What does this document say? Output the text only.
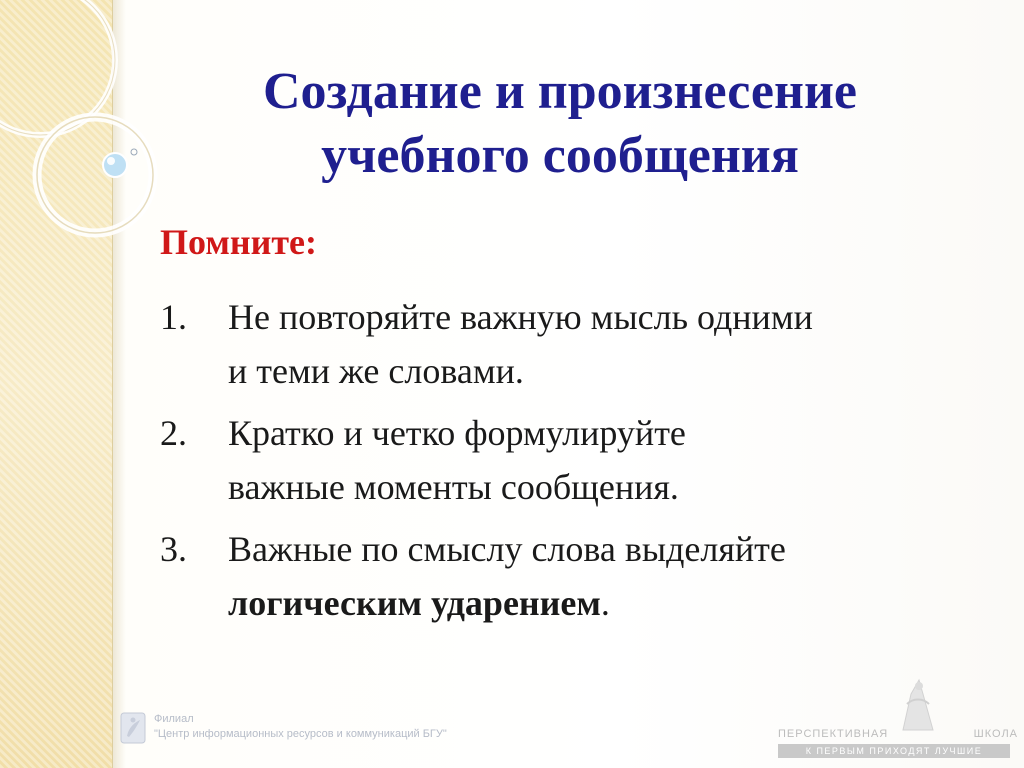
Создание и произнесение
учебного сообщения
Помните:
1.	Не повторяйте важную мысль одними
и теми же словами.
2.	Кратко и четко формулируйте
важные моменты сообщения.
3.	Важные по смыслу слова выделяйте
логическим ударением.
Филиал
"Центр информационных ресурсов и коммуникаций БГУ"	ПЕРСПЕКТИВНАЯ	ШКОЛА
К ПЕРВЫМ ПРИХОДЯТ ЛУЧШИЕ
